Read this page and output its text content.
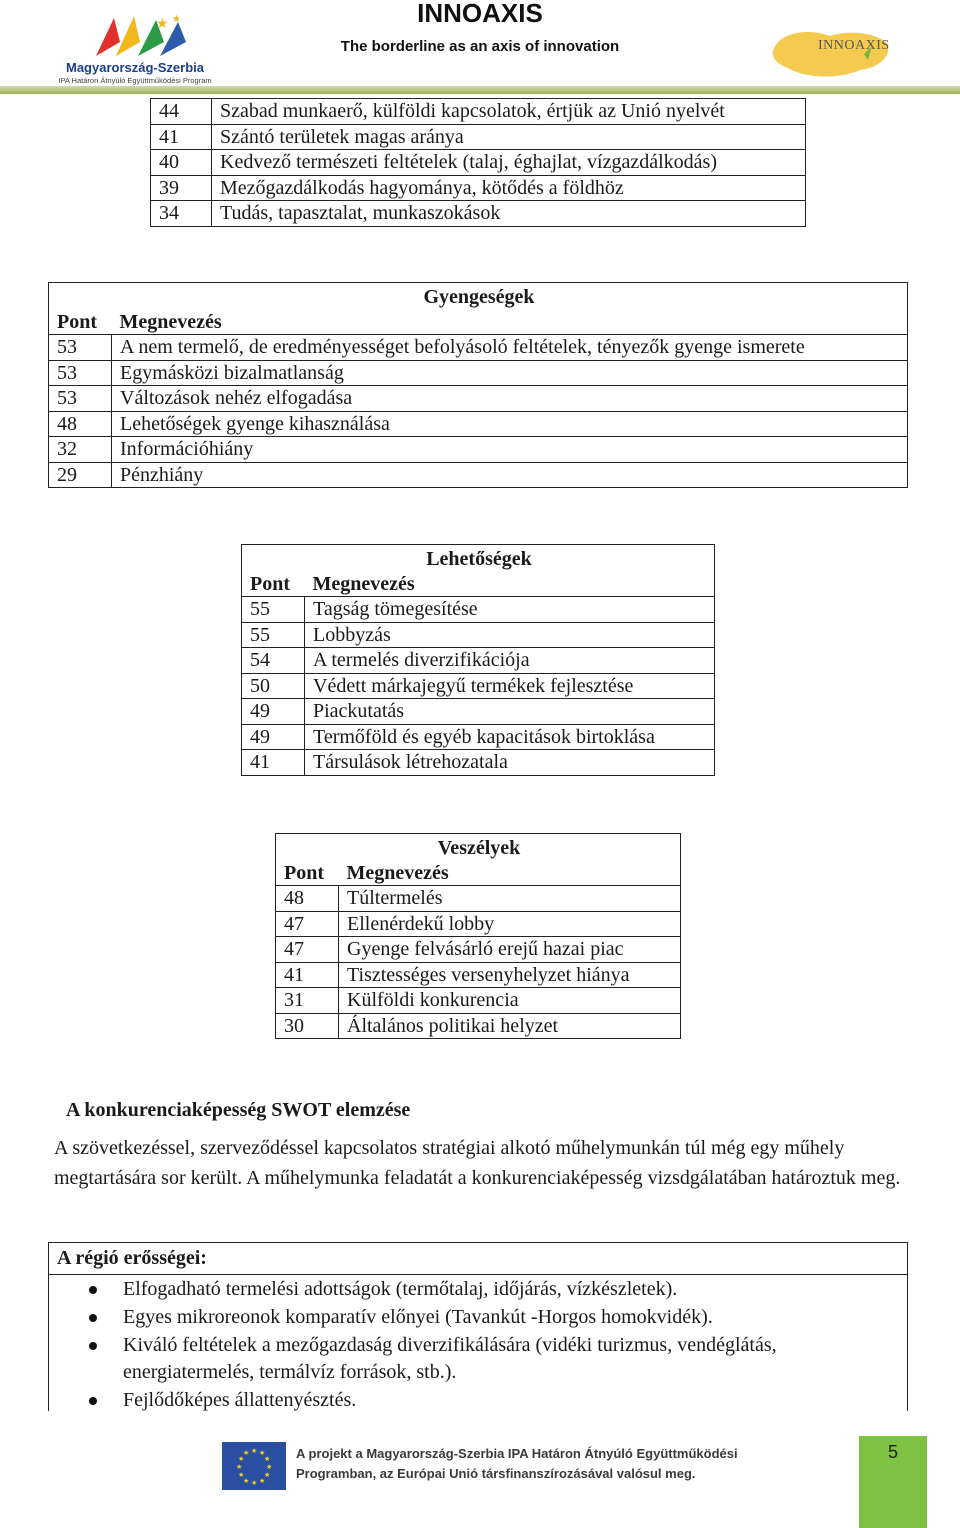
★ ★
Magyarország-Szerbia
IPA Határon Átnyúló Együttműködési Program
INNOAXIS
The borderline as an axis of innovation	INNOAXIS
44	Szabad munkaerő, külföldi kapcsolatok, értjük az Unió nyelvét
41	Szántó területek magas aránya
40	Kedvező természeti feltételek (talaj, éghajlat, vízgazdálkodás)
39	Mezőgazdálkodás hagyománya, kötődés a földhöz
34	Tudás, tapasztalat, munkaszokások
Gyengeségek	
Pont	Megnevezés
53	A nem termelő, de eredményességet befolyásoló feltételek, tényezők gyenge ismerete
53	Egymásközi bizalmatlanság
53	Változások nehéz elfogadása
48	Lehetőségek gyenge kihasználása
32	Információhiány
29	Pénzhiány
Lehetőségek	
Pont	Megnevezés
55	Tagság tömegesítése
55	Lobbyzás
54	A termelés diverzifikációja
50	Védett márkajegyű termékek fejlesztése
49	Piackutatás
49	Termőföld és egyéb kapacitások birtoklása
41	Társulások létrehozatala
Veszélyek	
Pont	Megnevezés
48	Túltermelés
47	Ellenérdekű lobby
47	Gyenge felvásárló erejű hazai piac
41	Tisztességes versenyhelyzet hiánya
31	Külföldi konkurencia
30	Általános politikai helyzet
A konkurenciaképesség SWOT elemzése
A szövetkezéssel, szerveződéssel kapcsolatos stratégiai alkotó műhelymunkán túl még egy műhely megtartására sor került. A műhelymunka feladatát a konkurenciaképesség vizsdgálatában határoztuk meg.
A régió erősségei:
Elfogadható termelési adottságok (termőtalaj, időjárás, vízkészletek).
Egyes mikroreonok komparatív előnyei (Tavankút -Horgos homokvidék).
Kiváló feltételek a mezőgazdaság diverzifikálására (vidéki turizmus, vendéglátás, energiatermelés, termálvíz források, stb.).
Fejlődőképes állattenyésztés.
★ ★
★
★
★
★
★
★
★
★
★
★	A projekt a Magyarország-Szerbia IPA Határon Átnyúló Együttműködési
Programban, az Európai Unió társfinanszírozásával valósul meg.
5
